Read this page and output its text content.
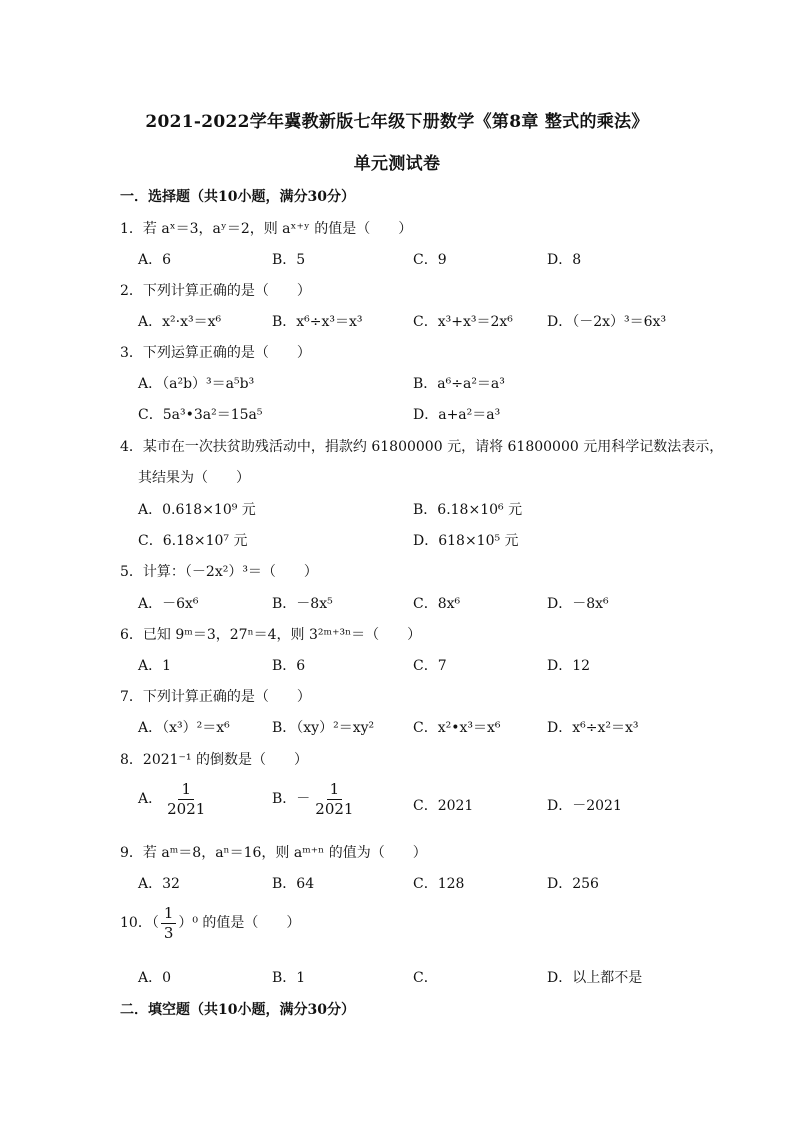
2021-2022学年冀教新版七年级下册数学《第8章 整式的乘法》
单元测试卷
一．选择题（共10小题，满分30分）
1．若 aˣ＝3，aʸ＝2，则 aˣ⁺ʸ 的值是（　　）
A．6	B．5	C．9	D．8
2．下列计算正确的是（　　）
A．x²·x³＝x⁶	B．x⁶÷x³＝x³	C．x³+x³＝2x⁶ D．（－2x）³＝6x³
3．下列运算正确的是（　　）
A．（a²b）³＝a⁵b³	B．a⁶÷a²＝a³
C．5a³•3a²＝15a⁵	D．a+a²＝a³
4．某市在一次扶贫助残活动中，捐款约 61800000 元，请将 61800000 元用科学记数法表示，
其结果为（　　）
A．0.618×10⁹ 元	B．6.18×10⁶ 元
C．6.18×10⁷ 元	D．618×10⁵ 元
5．计算：（－2x²）³＝（　　）
A．－6x⁶	B．－8x⁵	C．8x⁶	D．－8x⁶
6．已知 9ᵐ＝3，27ⁿ＝4，则 3²ᵐ⁺³ⁿ＝（　　）
A．1	B．6	C．7	D．12
7．下列计算正确的是（　　）
A．（x³）²＝x⁶	B．（xy）²＝xy²	C．x²•x³＝x⁶	D．x⁶÷x²＝x³
8．2021⁻¹ 的倒数是（　　）
A． $\frac{1}{2021}$	B．－ $\frac{1}{2021}$	C．2021	D．－2021
9．若 aᵐ＝8，aⁿ＝16，则 aᵐ⁺ⁿ 的值为（　　）
A．32	B．64	C．128	D．256
10．（ $\frac{1}{3} )^0$ 的值是（　　）
A．0	B．1	C．	D．以上都不是
二．填空题（共10小题，满分30分）
